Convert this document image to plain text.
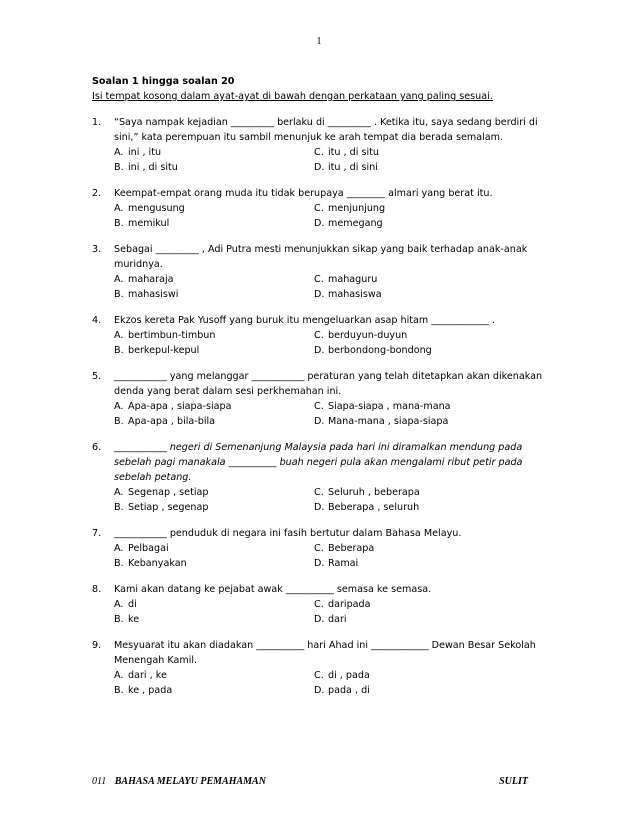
1
Soalan 1 hingga soalan 20
Isi tempat kosong dalam ayat-ayat di bawah dengan perkataan yang paling sesuai.
1. “Saya nampak kejadian _________ berlaku di _________ . Ketika itu, saya sedang berdiri di sini,” kata perempuan itu sambil menunjuk ke arah tempat dia berada semalam.
A. ini , itu	C. itu , di situ
B. ini , di situ	D. itu , di sini
2. Keempat-empat orang muda itu tidak berupaya ________ almari yang berat itu.
A. mengusung	C. menjunjung
B. memikul	D. memegang
3. Sebagai _________ , Adi Putra mesti menunjukkan sikap yang baik terhadap anak-anak muridnya.
A. maharaja	C. mahaguru
B. mahasiswi	D. mahasiswa
4. Ekzos kereta Pak Yusoff yang buruk itu mengeluarkan asap hitam ____________ .
A. bertimbun-timbun	C. berduyun-duyun
B. berkepul-kepul	D. berbondong-bondong
5. ___________ yang melanggar ___________ peraturan yang telah ditetapkan akan dikenakan denda yang berat dalam sesi perkhemahan ini.
A. Apa-apa , siapa-siapa	C. Siapa-siapa , mana-mana
B. Apa-apa , bila-bila	D. Mana-mana , siapa-siapa
6. ___________ negeri di Semenanjung Malaysia pada hari ini diramalkan mendung pada sebelah pagi manakala __________ buah negeri pula akan mengalami ribut petir pada sebelah petang.
A. Segenap , setiap	C. Seluruh , beberapa
B. Setiap , segenap	D. Beberapa , seluruh
7. ___________ penduduk di negara ini fasih bertutur dalam Bahasa Melayu.
A. Pelbagai	C. Beberapa
B. Kebanyakan	D. Ramai
8. Kami akan datang ke pejabat awak __________ semasa ke semasa.
A. di	C. daripada
B. ke	D. dari
9. Mesyuarat itu akan diadakan __________ hari Ahad ini ____________ Dewan Besar Sekolah Menengah Kamil.
A. dari , ke	C. di , pada
B. ke , pada	D. pada , di
011 BAHASA MELAYU PEMAHAMAN	SULIT
